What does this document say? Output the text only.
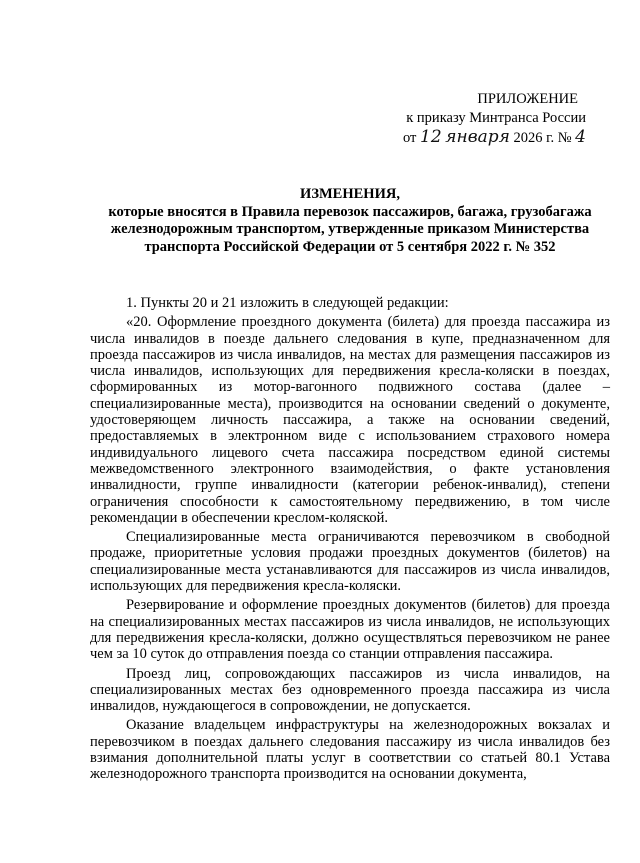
ПРИЛОЖЕНИЕ
к приказу Минтранса России
от 12 января 2026 г. № 4
ИЗМЕНЕНИЯ,
которые вносятся в Правила перевозок пассажиров, багажа, грузобагажа железнодорожным транспортом, утвержденные приказом Министерства транспорта Российской Федерации от 5 сентября 2022 г. № 352

1. Пункты 20 и 21 изложить в следующей редакции:

«20. Оформление проездного документа (билета) для проезда пассажира из числа инвалидов в поезде дальнего следования в купе, предназначенном для проезда пассажиров из числа инвалидов, на местах для размещения пассажиров из числа инвалидов, использующих для передвижения кресла-коляски в поездах, сформированных из мотор-вагонного подвижного состава (далее – специализированные места), производится на основании сведений о документе, удостоверяющем личность пассажира, а также на основании сведений, предоставляемых в электронном виде с использованием страхового номера индивидуального лицевого счета пассажира посредством единой системы межведомственного электронного взаимодействия, о факте установления инвалидности, группе инвалидности (категории ребенок-инвалид), степени ограничения способности к самостоятельному передвижению, в том числе рекомендации в обеспечении креслом-коляской.

Специализированные места ограничиваются перевозчиком в свободной продаже, приоритетные условия продажи проездных документов (билетов) на специализированные места устанавливаются для пассажиров из числа инвалидов, использующих для передвижения кресла-коляски.

Резервирование и оформление проездных документов (билетов) для проезда на специализированных местах пассажиров из числа инвалидов, не использующих для передвижения кресла-коляски, должно осуществляться перевозчиком не ранее чем за 10 суток до отправления поезда со станции отправления пассажира.

Проезд лиц, сопровождающих пассажиров из числа инвалидов, на специализированных местах без одновременного проезда пассажира из числа инвалидов, нуждающегося в сопровождении, не допускается.

Оказание владельцем инфраструктуры на железнодорожных вокзалах и перевозчиком в поездах дальнего следования пассажиру из числа инвалидов без взимания дополнительной платы услуг в соответствии со статьей 80.1 Устава железнодорожного транспорта производится на основании документа,
